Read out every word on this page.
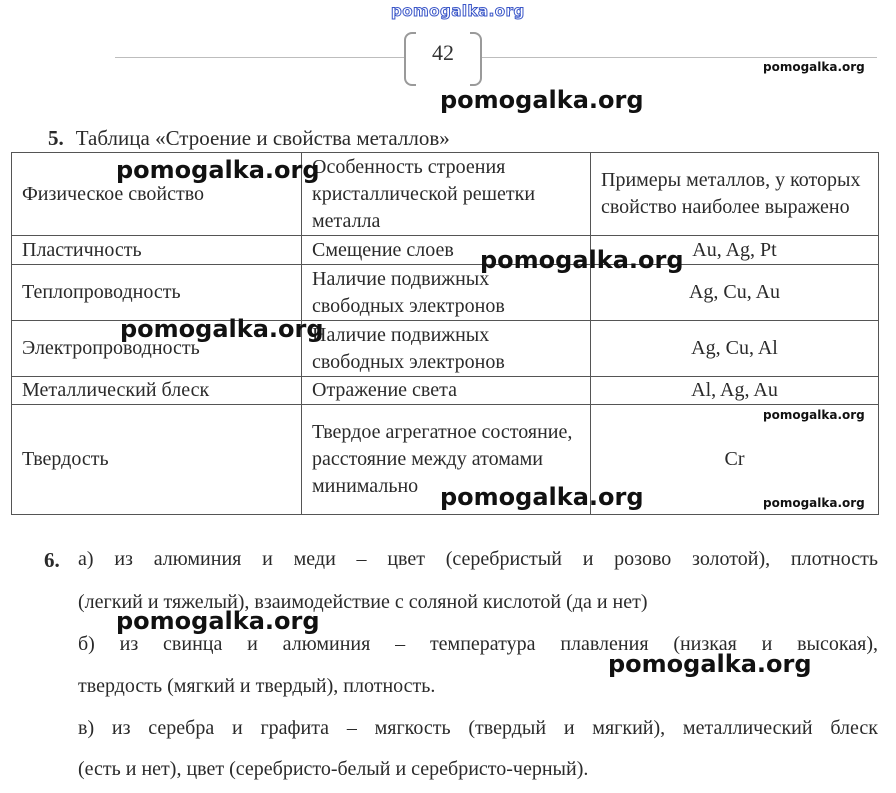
pomogalka.org
42
5. Таблица «Строение и свойства металлов»
Физическое свойство	Особенность строения кристаллической решетки металла	Примеры металлов, у которых свойство наиболее выражено
Пластичность	Смещение слоев	Au, Ag, Pt
Теплопроводность	Наличие подвижных свободных электронов	Ag, Cu, Au
Электропроводность	Наличие подвижных свободных электронов	Ag, Cu, Al
Металлический блеск	Отражение света	Al, Ag, Au
Твердость	Твердое агрегатное состояние, расстояние между атомами минимально	Cr
6. а) из алюминия и меди – цвет (серебристый и розово золотой), плотность
(легкий и тяжелый), взаимодействие с соляной кислотой (да и нет)
б) из свинца и алюминия – температура плавления (низкая и высокая),
твердость (мягкий и твердый), плотность.
в) из серебра и графита – мягкость (твердый и мягкий), металлический блеск
(есть и нет), цвет (серебристо-белый и серебристо-черный).
pomogalka.org
pomogalka.org
pomogalka.org
pomogalka.org
pomogalka.org
pomogalka.org
pomogalka.org	pomogalka.org
pomogalka.org
pomogalka.org
